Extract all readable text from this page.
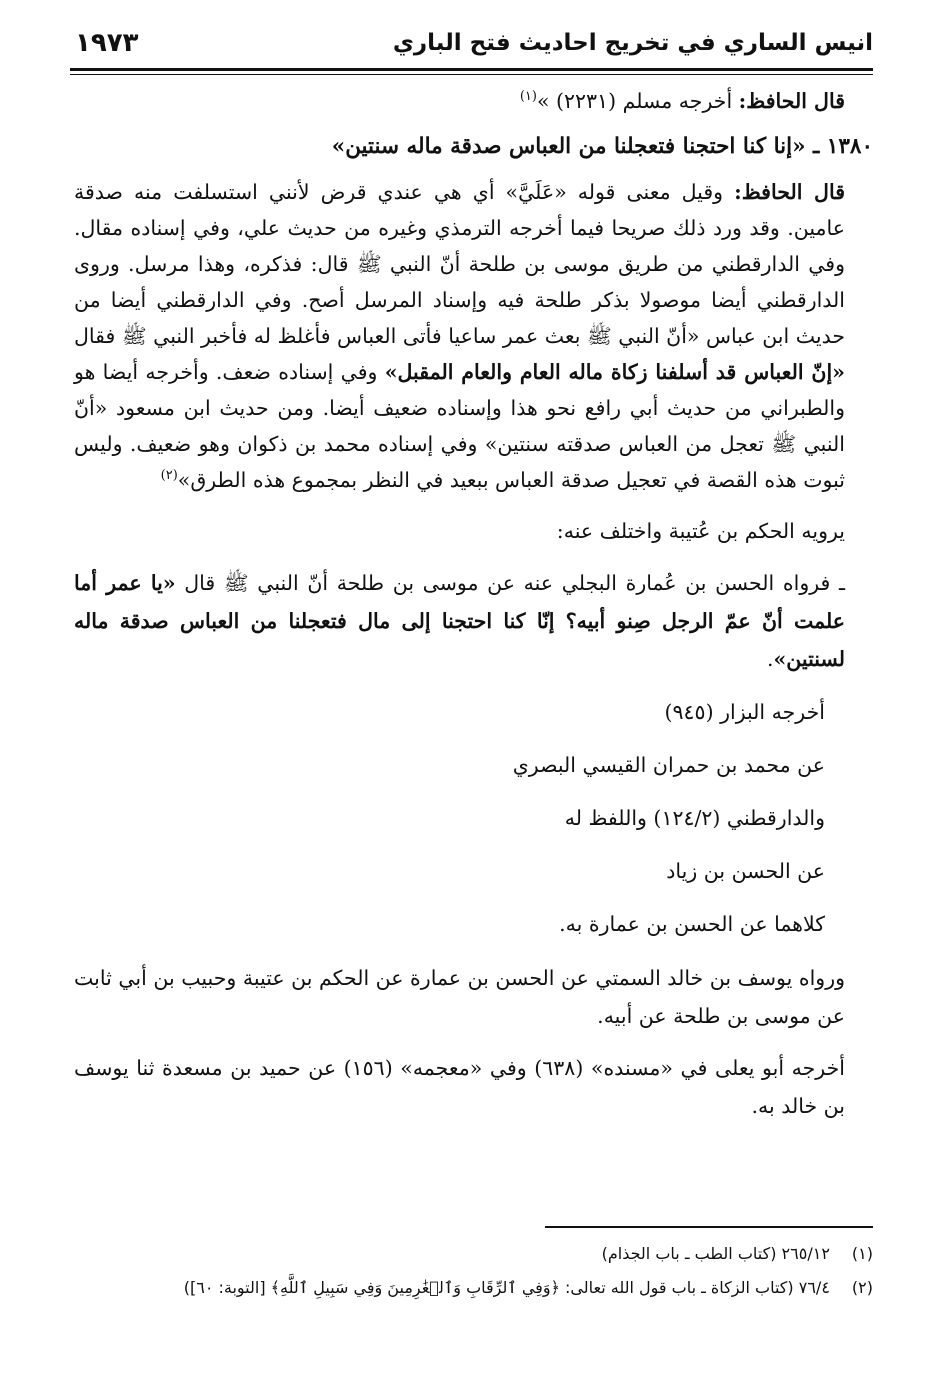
انيس الساري في تخريج احاديث فتح الباري
١٩٧٣

قال الحافظ: أخرجه مسلم (٢٢٣١) »$^{(١)}$

١٣٨٠ ـ «إنا كنا احتجنا فتعجلنا من العباس صدقة ماله سنتين»

قال الحافظ: وقيل معنى قوله «عَلَيَّ» أي هي عندي قرض لأنني استسلفت منه صدقة عامين. وقد ورد ذلك صريحا فيما أخرجه الترمذي وغيره من حديث علي، وفي إسناده مقال. وفي الدارقطني من طريق موسى بن طلحة أنّ النبي ﷺ قال: فذكره، وهذا مرسل. وروى الدارقطني أيضا موصولا بذكر طلحة فيه وإسناد المرسل أصح. وفي الدارقطني أيضا من حديث ابن عباس «أنّ النبي ﷺ بعث عمر ساعيا فأتى العباس فأغلظ له فأخبر النبي ﷺ فقال «إنّ العباس قد أسلفنا زكاة ماله العام والعام المقبل» وفي إسناده ضعف. وأخرجه أيضا هو والطبراني من حديث أبي رافع نحو هذا وإسناده ضعيف أيضا. ومن حديث ابن مسعود «أنّ النبي ﷺ تعجل من العباس صدقته سنتين» وفي إسناده محمد بن ذكوان وهو ضعيف. وليس ثبوت هذه القصة في تعجيل صدقة العباس ببعيد في النظر بمجموع هذه الطرق»$^{(٢)}$

يرويه الحكم بن عُتيبة واختلف عنه:

ـ فرواه الحسن بن عُمارة البجلي عنه عن موسى بن طلحة أنّ النبي ﷺ قال «يا عمر أما علمت أنّ عمّ الرجل صِنو أبيه؟ إنّا كنا احتجنا إلى مال فتعجلنا من العباس صدقة ماله لسنتين».

أخرجه البزار (٩٤٥)

عن محمد بن حمران القيسي البصري

والدارقطني (١٢٤/٢) واللفظ له

عن الحسن بن زياد

كلاهما عن الحسن بن عمارة به.

ورواه يوسف بن خالد السمتي عن الحسن بن عمارة عن الحكم بن عتيبة وحبيب بن أبي ثابت عن موسى بن طلحة عن أبيه.

أخرجه أبو يعلى في «مسنده» (٦٣٨) وفي «معجمه» (١٥٦) عن حميد بن مسعدة ثنا يوسف بن خالد به.

(١) ٢٦٥/١٢ (كتاب الطب ـ باب الجذام)

(٢) ٧٦/٤ (كتاب الزكاة ـ باب قول الله تعالى: ﴿وَفِي ٱلرِّقَابِ وَٱلۡغَٰرِمِينَ وَفِي سَبِيلِ ٱللَّهِ﴾ [التوبة: ٦٠])
